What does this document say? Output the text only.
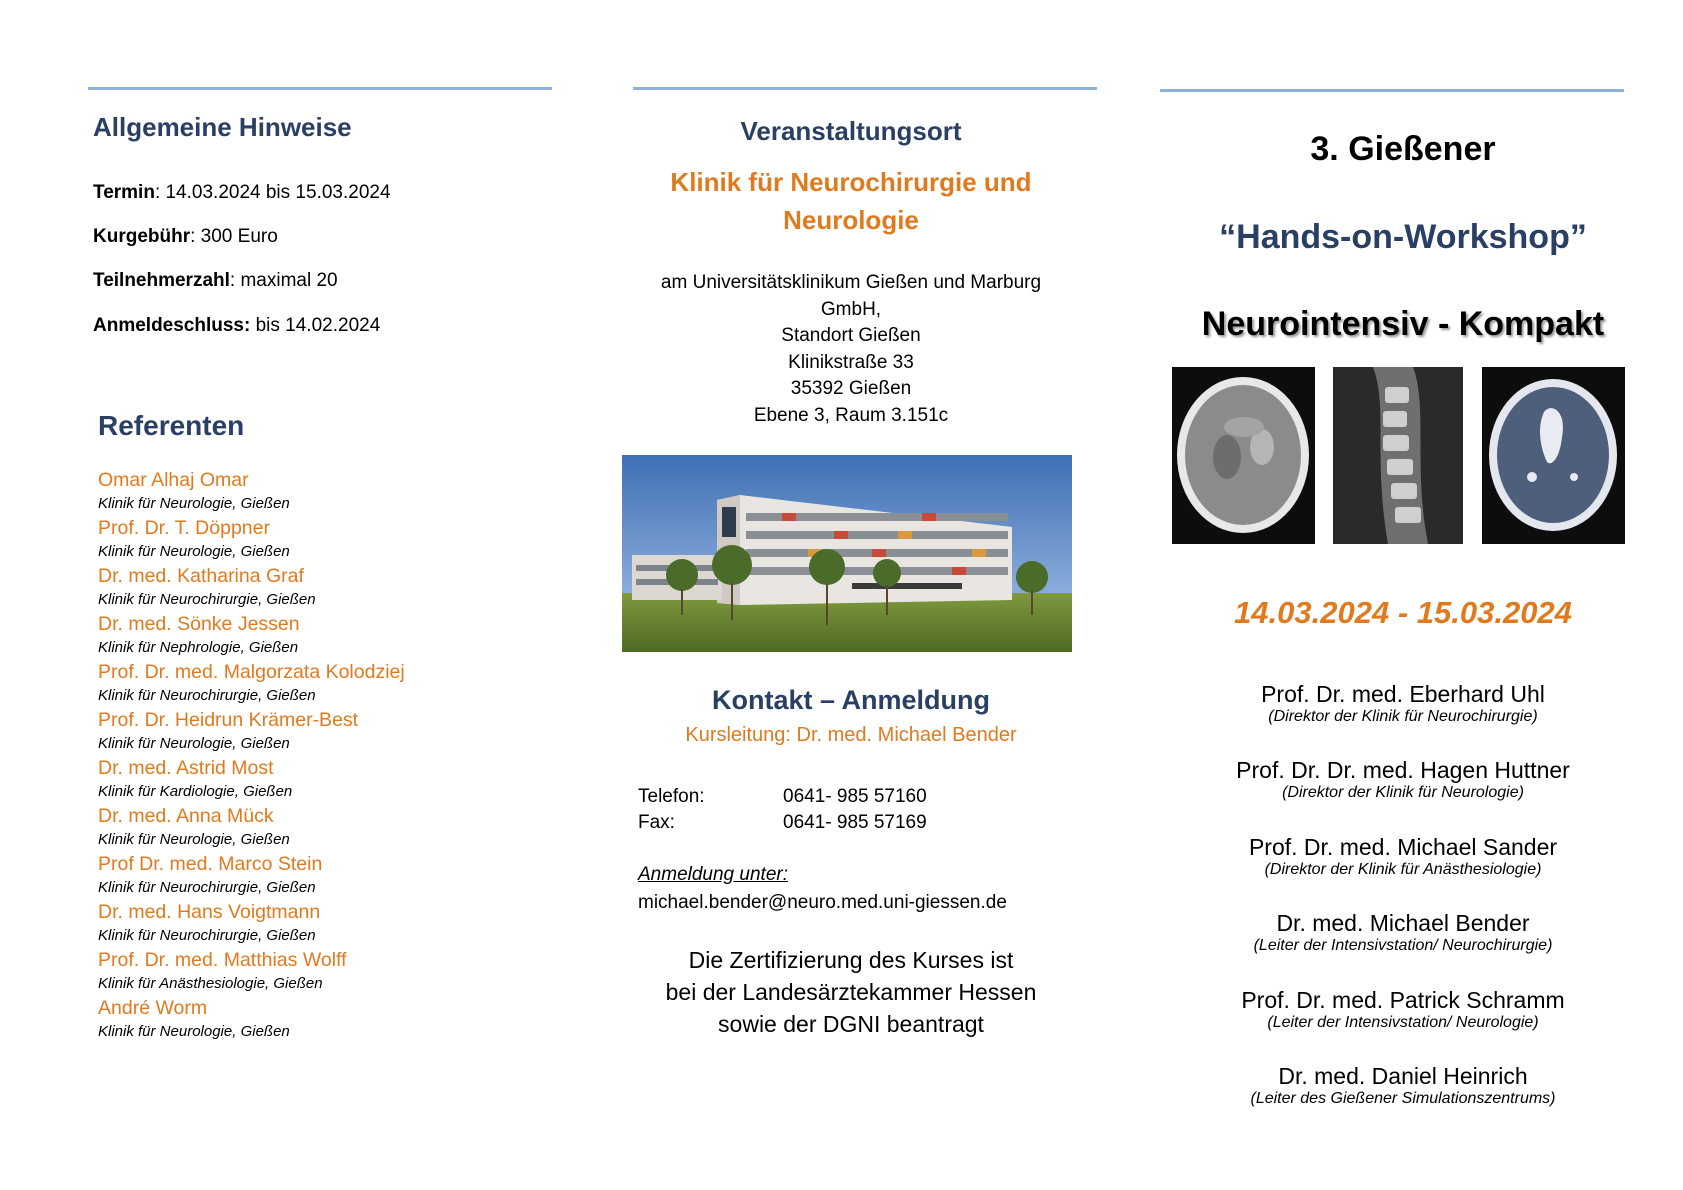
Allgemeine Hinweise
Termin: 14.03.2024 bis 15.03.2024
Kurgebühr: 300 Euro
Teilnehmerzahl: maximal 20
Anmeldeschluss: bis 14.02.2024
Referenten
Omar Alhaj Omar
Klinik für Neurologie, Gießen
Prof. Dr. T. Döppner
Klinik für Neurologie, Gießen
Dr. med. Katharina Graf
Klinik für Neurochirurgie, Gießen
Dr. med. Sönke Jessen
Klinik für Nephrologie, Gießen
Prof. Dr. med. Malgorzata Kolodziej
Klinik für Neurochirurgie, Gießen
Prof. Dr. Heidrun Krämer-Best
Klinik für Neurologie, Gießen
Dr. med. Astrid Most
Klinik für Kardiologie, Gießen
Dr. med. Anna Mück
Klinik für Neurologie, Gießen
Prof Dr. med. Marco Stein
Klinik für Neurochirurgie, Gießen
Dr. med. Hans Voigtmann
Klinik für Neurochirurgie, Gießen
Prof. Dr. med. Matthias Wolff
Klinik für Anästhesiologie, Gießen
André Worm
Klinik für Neurologie, Gießen
Veranstaltungsort
Klinik für Neurochirurgie und
Neurologie
am Universitätsklinikum Gießen und Marburg
GmbH,
Standort Gießen
Klinikstraße 33
35392 Gießen
Ebene 3, Raum 3.151c
Kontakt – Anmeldung
Kursleitung: Dr. med. Michael Bender
Telefon:	0641- 985 57160
Fax:	0641- 985 57169
Anmeldung unter:
michael.bender@neuro.med.uni-giessen.de
Die Zertifizierung des Kurses ist
bei der Landesärztekammer Hessen
sowie der DGNI beantragt
3. Gießener
“Hands-on-Workshop”
Neurointensiv - Kompakt
14.03.2024 - 15.03.2024
Prof. Dr. med. Eberhard Uhl
(Direktor der Klinik für Neurochirurgie)
Prof. Dr. Dr. med. Hagen Huttner
(Direktor der Klinik für Neurologie)
Prof. Dr. med. Michael Sander
(Direktor der Klinik für Anästhesiologie)
Dr. med. Michael Bender
(Leiter der Intensivstation/ Neurochirurgie)
Prof. Dr. med. Patrick Schramm
(Leiter der Intensivstation/ Neurologie)
Dr. med. Daniel Heinrich
(Leiter des Gießener Simulationszentrums)
